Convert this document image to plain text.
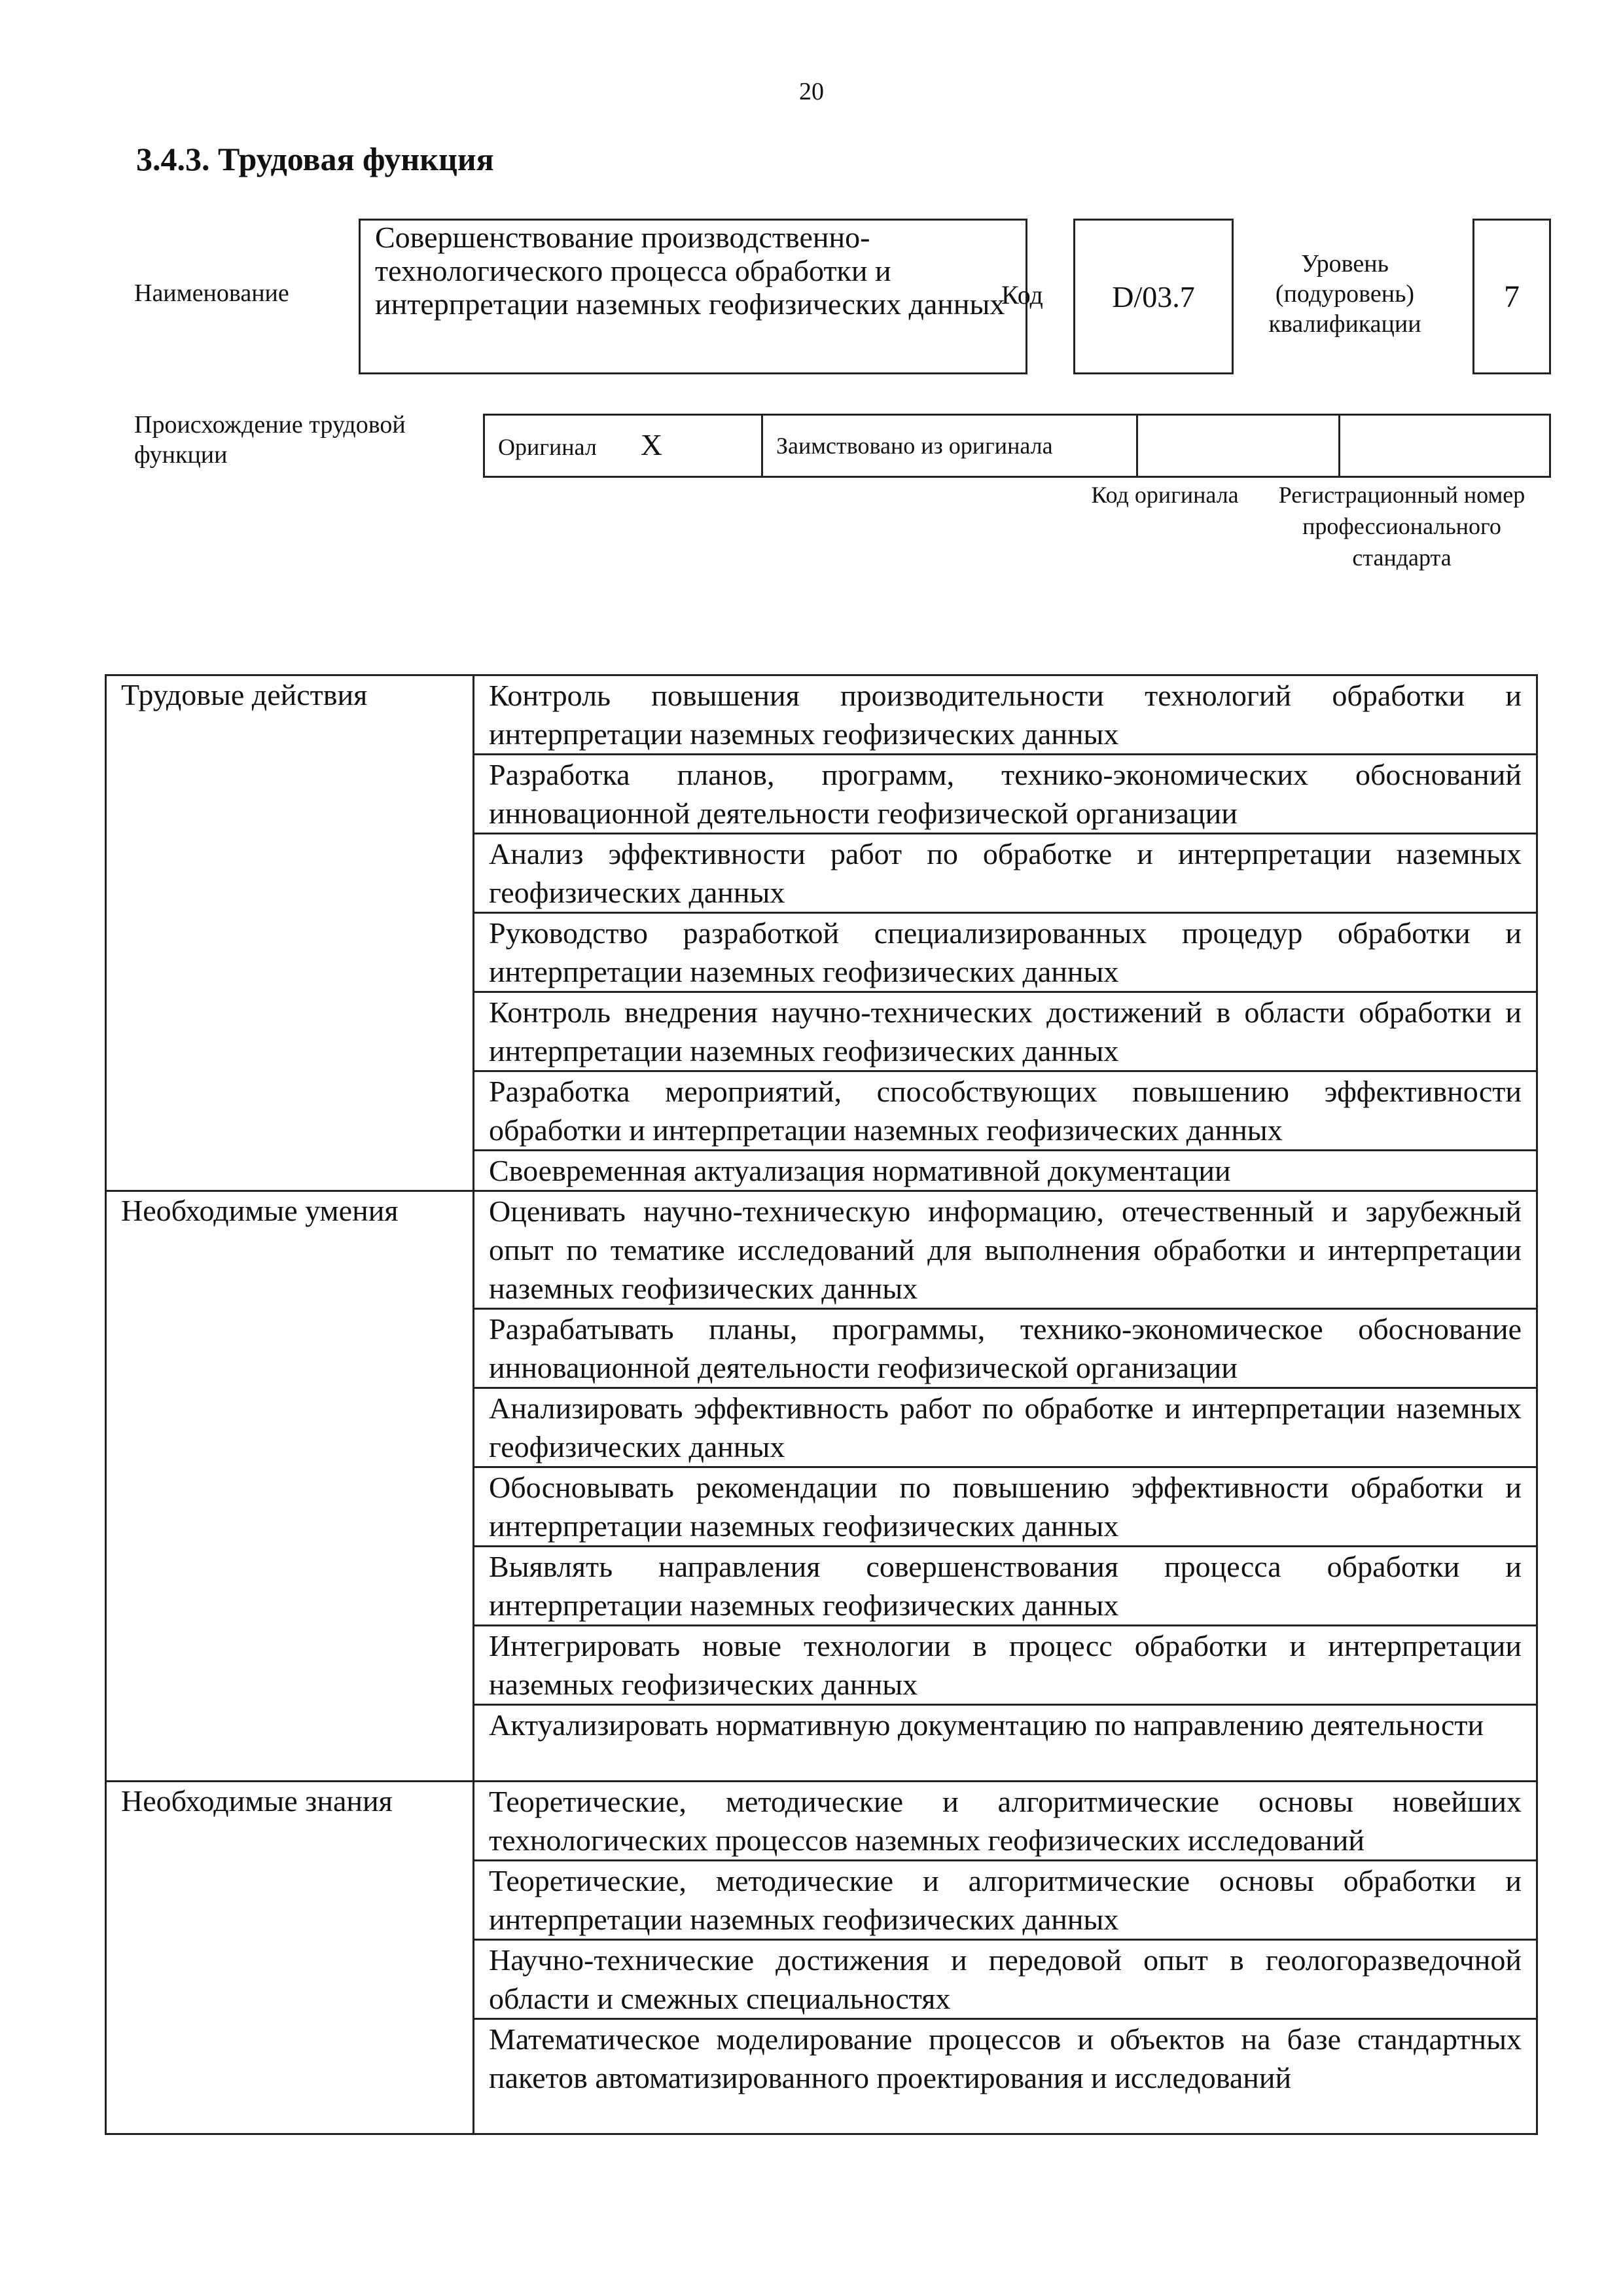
20
3.4.3. Трудовая функция
Наименование
Совершенствование производственно-технологического процесса обработки и интерпретации наземных геофизических данных
Код D/03.7
Уровень (подуровень) квалификации
7
Происхождение трудовой функции	Оригинал X	Заимствовано из оригинала		
Код оригинала	Регистрационный номер профессионального стандарта
Трудовые действия	Контроль повышения производительности технологий обработки и интерпретации наземных геофизических данных
	Разработка планов, программ, технико-экономических обоснований инновационной деятельности геофизической организации
	Анализ эффективности работ по обработке и интерпретации наземных геофизических данных
	Руководство разработкой специализированных процедур обработки и интерпретации наземных геофизических данных
	Контроль внедрения научно-технических достижений в области обработки и интерпретации наземных геофизических данных
	Разработка мероприятий, способствующих повышению эффективности обработки и интерпретации наземных геофизических данных
	Своевременная актуализация нормативной документации
Необходимые умения	Оценивать научно-техническую информацию, отечественный и зарубежный опыт по тематике исследований для выполнения обработки и интерпретации наземных геофизических данных
	Разрабатывать планы, программы, технико-экономическое обоснование инновационной деятельности геофизической организации
	Анализировать эффективность работ по обработке и интерпретации наземных геофизических данных
	Обосновывать рекомендации по повышению эффективности обработки и интерпретации наземных геофизических данных
	Выявлять направления совершенствования процесса обработки и интерпретации наземных геофизических данных
	Интегрировать новые технологии в процесс обработки и интерпретации наземных геофизических данных
	Актуализировать нормативную документацию по направлению деятельности
Необходимые знания	Теоретические, методические и алгоритмические основы новейших технологических процессов наземных геофизических исследований
	Теоретические, методические и алгоритмические основы обработки и интерпретации наземных геофизических данных
	Научно-технические достижения и передовой опыт в геологоразведочной области и смежных специальностях
	Математическое моделирование процессов и объектов на базе стандартных пакетов автоматизированного проектирования и исследований
